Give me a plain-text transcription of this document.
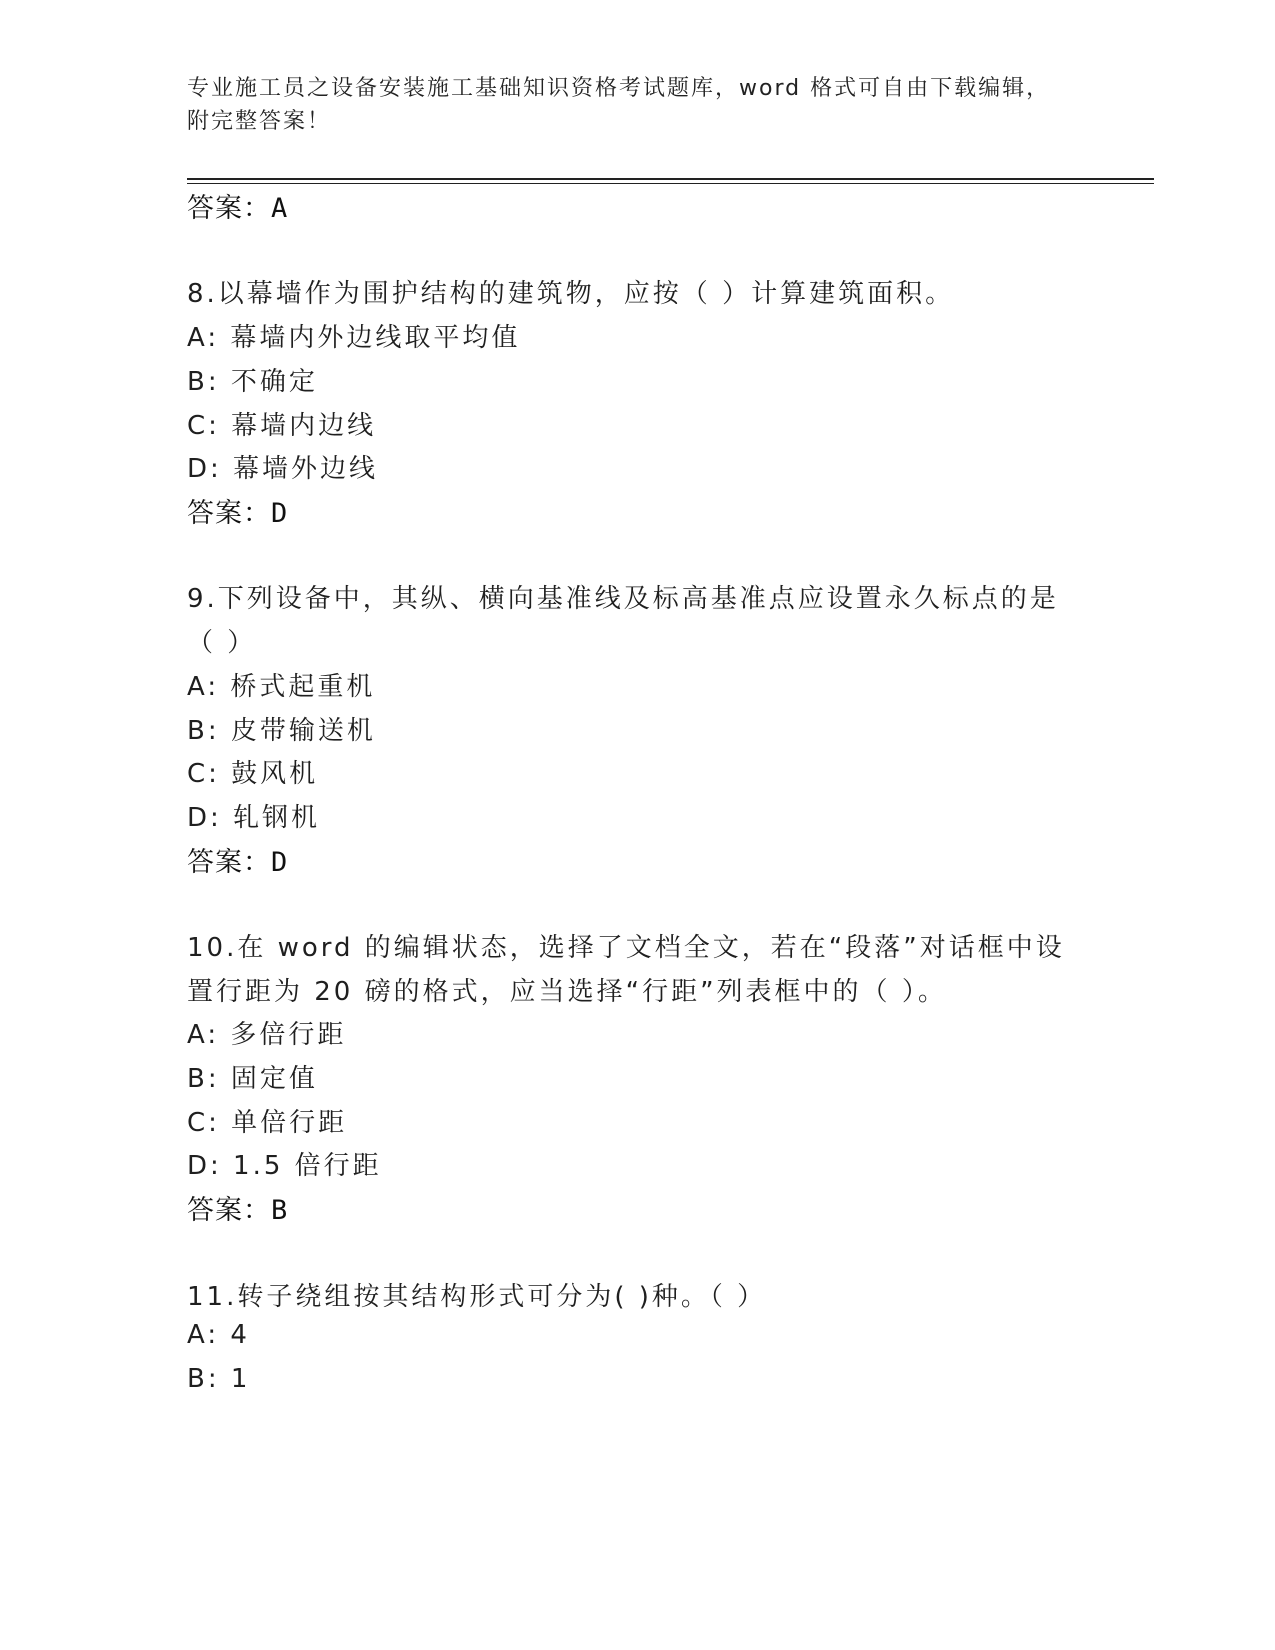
专业施工员之设备安装施工基础知识资格考试题库，word 格式可自由下载编辑，
附完整答案！
答案：A
8.以幕墙作为围护结构的建筑物，应按（ ）计算建筑面积。
A: 幕墙内外边线取平均值
B: 不确定
C: 幕墙内边线
D: 幕墙外边线
答案：D
9.下列设备中，其纵、横向基准线及标高基准点应设置永久标点的是
（ ）
A: 桥式起重机
B: 皮带输送机
C: 鼓风机
D: 轧钢机
答案：D
10.在 word 的编辑状态，选择了文档全文，若在“段落”对话框中设
置行距为 20 磅的格式，应当选择“行距”列表框中的（ ）。
A: 多倍行距
B: 固定值
C: 单倍行距
D: 1.5 倍行距
答案：B
11.转子绕组按其结构形式可分为( )种。（ ）
A: 4
B: 1
